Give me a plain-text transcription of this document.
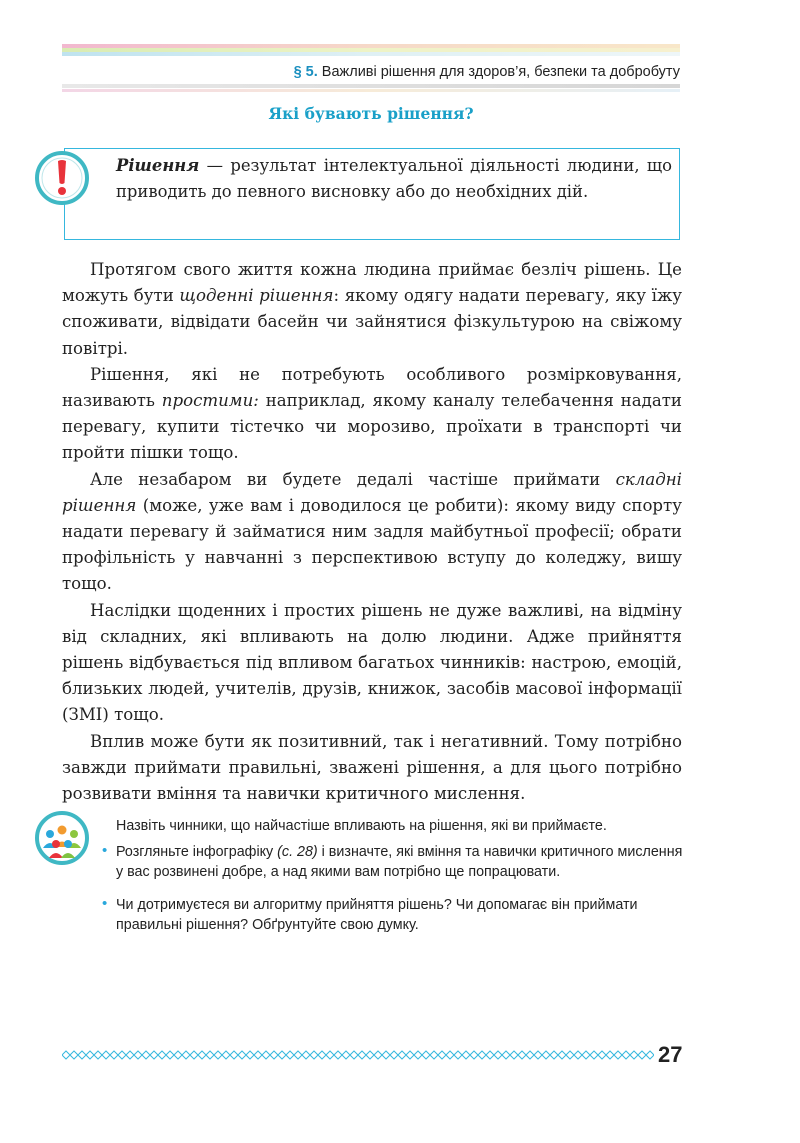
§ 5. Важливі рішення для здоров’я, безпеки та добробуту
Які бувають рішення?
Рішення — результат інтелектуальної діяльності людини, що приводить до певного висновку або до необхідних дій.

Протягом свого життя кожна людина приймає безліч рішень. Це можуть бути щоденні рішення: якому одягу надати перевагу, яку їжу споживати, відвідати басейн чи зайнятися фізкультурою на свіжому повітрі.

Рішення, які не потребують особливого розмірковування, називають простими: наприклад, якому каналу телебачення надати перевагу, купити тістечко чи морозиво, проїхати в транспорті чи пройти пішки тощо.

Але незабаром ви будете дедалі частіше приймати складні рішення (може, уже вам і доводилося це робити): якому виду спорту надати перевагу й займатися ним задля майбутньої професії; обрати профільність у навчанні з перспективою вступу до коледжу, вишу тощо.

Наслідки щоденних і простих рішень не дуже важливі, на відміну від складних, які впливають на долю людини. Адже прийняття рішень відбувається під впливом багатьох чинників: настрою, емоцій, близьких людей, учителів, друзів, книжок, засобів масової інформації (ЗМІ) тощо.

Вплив може бути як позитивний, так і негативний. Тому потрібно завжди приймати правильні, зважені рішення, а для цього потрібно розвивати вміння та навички критичного мислення.

Назвіть чинники, що найчастіше впливають на рішення, які ви приймаєте.

• Розгляньте інфографіку (с. 28) і визначте, які вміння та навички критичного мислення у вас розвинені добре, а над якими вам потрібно ще попрацювати.
• Чи дотримуєтеся ви алгоритму прийняття рішень? Чи допомагає він приймати правильні рішення? Обґрунтуйте свою думку.
27
